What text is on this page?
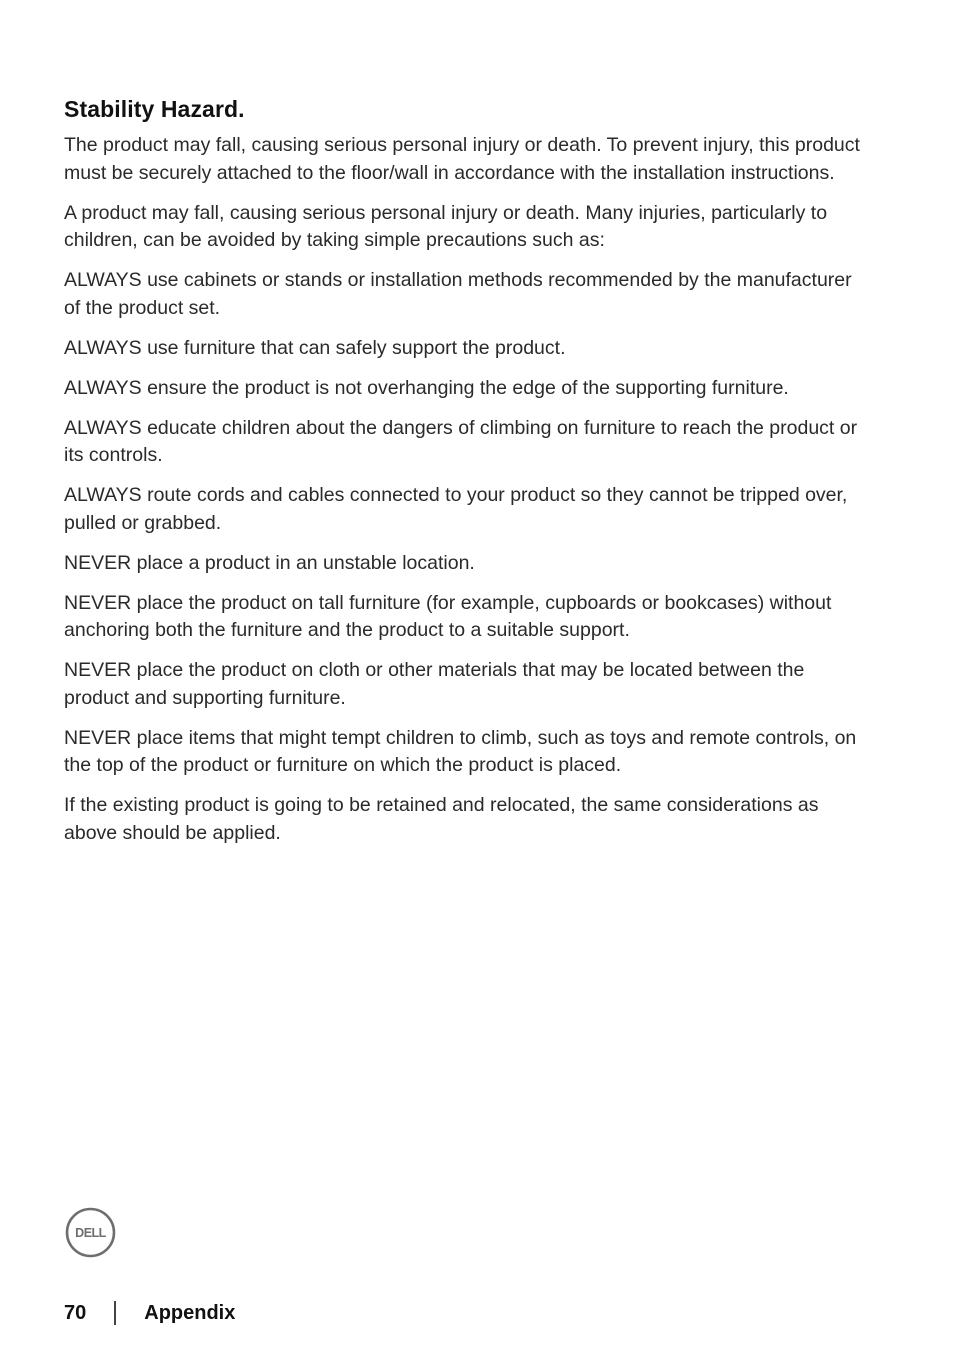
Stability Hazard.

The product may fall, causing serious personal injury or death. To prevent injury, this product must be securely attached to the floor/wall in accordance with the installation instructions.

A product may fall, causing serious personal injury or death. Many injuries, particularly to children, can be avoided by taking simple precautions such as:

ALWAYS use cabinets or stands or installation methods recommended by the manufacturer of the product set.

ALWAYS use furniture that can safely support the product.

ALWAYS ensure the product is not overhanging the edge of the supporting furniture.

ALWAYS educate children about the dangers of climbing on furniture to reach the product or its controls.

ALWAYS route cords and cables connected to your product so they cannot be tripped over, pulled or grabbed.

NEVER place a product in an unstable location.

NEVER place the product on tall furniture (for example, cupboards or bookcases) without anchoring both the furniture and the product to a suitable support.

NEVER place the product on cloth or other materials that may be located between the product and supporting furniture.

NEVER place items that might tempt children to climb, such as toys and remote controls, on the top of the product or furniture on which the product is placed.

If the existing product is going to be retained and relocated, the same considerations as above should be applied.

DELL
70	Appendix
